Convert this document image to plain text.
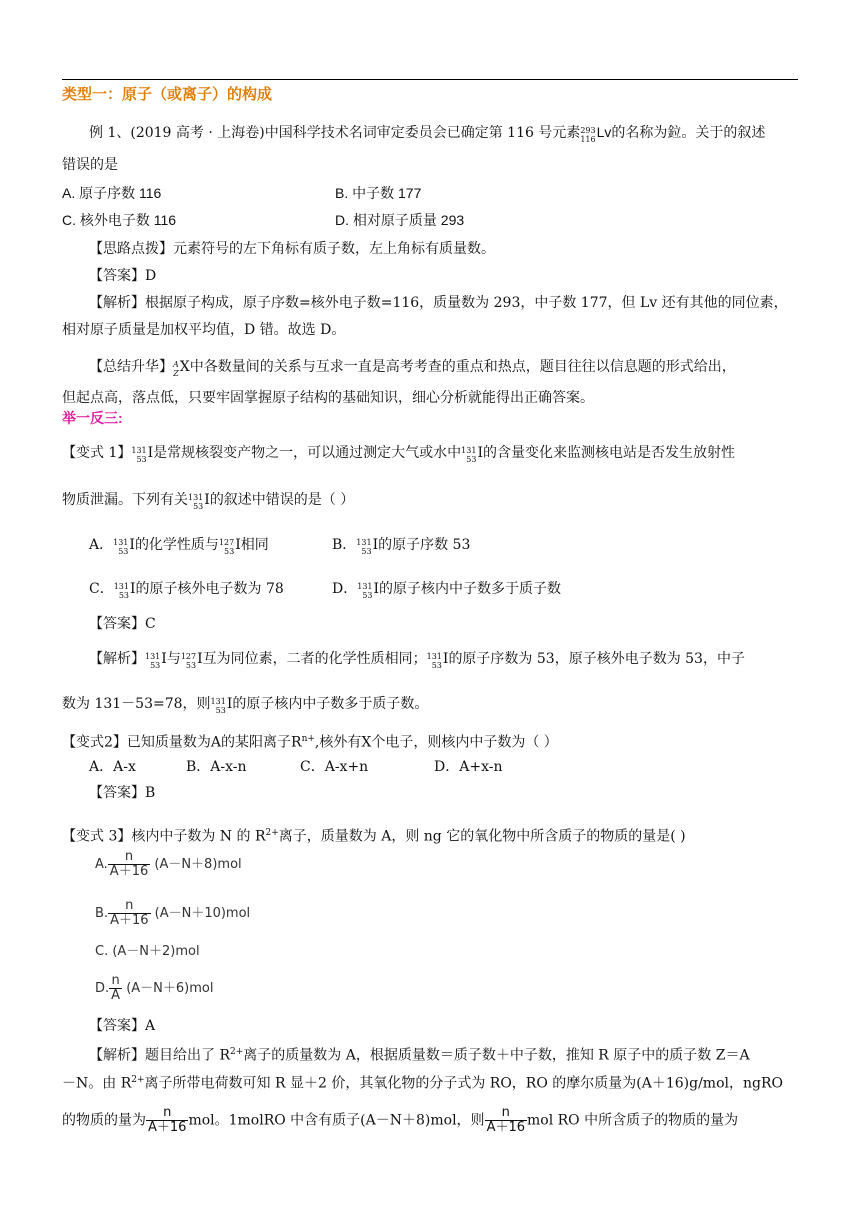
类型一：原子（或离子）的构成
例 1、(2019 高考 · 上海卷)中国科学技术名词审定委员会已确定第 116 号元素 293
116 Lv的名称为鉝。关于的叙述
错误的是
A. 原子序数 116	B. 中子数 177
C. 核外电子数 116	D. 相对原子质量 293
【思路点拨】元素符号的左下角标有质子数，左上角标有质量数。
【答案】D
【解析】根据原子构成，原子序数=核外电子数=116，质量数为 293，中子数 177，但 Lv 还有其他的同位素，
相对原子质量是加权平均值，D 错。故选 D。
【总结升华】 A
Z X中各数量间的关系与互求一直是高考考查的重点和热点，题目往往以信息题的形式给出，
但起点高，落点低，只要牢固掌握原子结构的基础知识，细心分析就能得出正确答案。
举一反三:
【变式 1】 131
53 I是常规核裂变产物之一，可以通过测定大气或水中 131
53 I的含量变化来监测核电站是否发生放射性
物质泄漏。下列有关 131
53 I的叙述中错误的是（ ）
A． 131
53 I的化学性质与 127
53 I相同	B． 131
53 I的原子序数 53
C． 131
53 I的原子核外电子数为 78	D． 131
53 I的原子核内中子数多于质子数
【答案】C
【解析】 131
53 I与 127
53 I互为同位素，二者的化学性质相同； 131
53 I的原子序数为 53，原子核外电子数为 53，中子
数为 131－53=78，则 131
53 I的原子核内中子数多于质子数。
【变式2】已知质量数为A的某阳离子$R^{n+}$,核外有X个电子，则核内中子数为（ ）
A．A-x	B．A-x-n	C．A-x+n	D．A+x-n
【答案】B
【变式 3】核内中子数为 N 的 $R^{2+}$离子，质量数为 A，则 ng 它的氧化物中所含质子的物质的量是( )
A. $\frac{n}{A+16} (A-N+8)mol$
B. $\frac{n}{A+16} (A-N+10)mol$
C. (A－N＋2)mol
D. $\frac{n}{A} (A-N+6)mol$
【答案】A
【解析】题目给出了 $R^{2+}$离子的质量数为 A，根据质量数＝质子数＋中子数，推知 R 原子中的质子数 Z＝A
－N。由 $R^{2+}$离子所带电荷数可知 R 显＋2 价，其氧化物的分子式为 RO，RO 的摩尔质量为(A＋16)g/mol，ngRO
的物质的量为 $\frac{n}{A+16}$ mol。1molRO 中含有质子(A－N＋8)mol，则 $\frac{n}{A+16}$ mol RO 中所含质子的物质的量为
